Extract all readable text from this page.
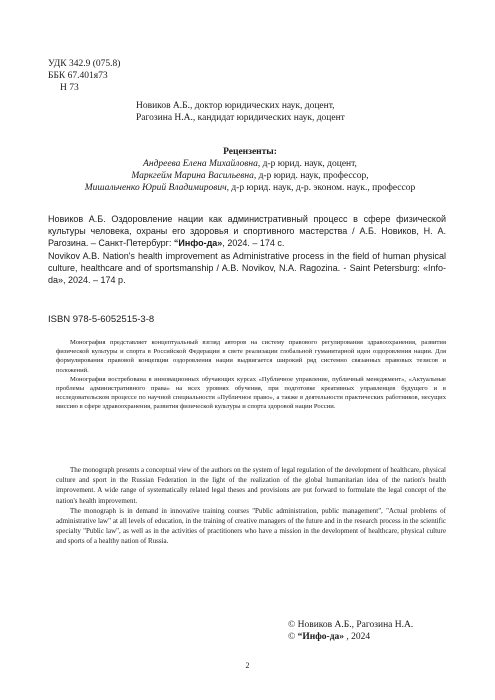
УДК 342.9 (075.8)
ББК 67.401я73
Н 73
Новиков А.Б., доктор юридических наук, доцент,
Рагозина Н.А., кандидат юридических наук, доцент
Рецензенты:
Андреева Елена Михайловна, д-р юрид. наук, доцент,
Маркгейм Марина Васильевна, д-р юрид. наук, профессор,
Мишальченко Юрий Владимирович, д-р юрид. наук, д-р. эконом. наук., профессор
Новиков А.Б. Оздоровление нации как административный процесс в сфере физической культуры человека, охраны его здоровья и спортивного мастерства / А.Б. Новиков, Н. А. Рагозина. – Санкт-Петербург: “Инфо-да», 2024. – 174 с.
Novikov A.B. Nation's health improvement as Administrative process in the field of human physical culture, healthcare and of sportsmanship / A.B. Novikov, N.A. Ragozina. - Saint Petersburg: «Info-da», 2024. – 174 p.
ISBN 978-5-6052515-3-8

Монография представляет концептуальный взгляд авторов на систему правового регулирования здравоохранения, развития физической культуры и спорта в Российской Федерации в свете реализации глобальной гуманитарной идеи оздоровления нации. Для формулирования правовой концепции оздоровления нации выдвигается широкий ряд системно связанных правовых тезисов и положений.

Монография востребована в инновационных обучающих курсах «Публичное управление, публичный менеджмент», «Актуальные проблемы административного права» на всех уровнях обучения, при подготовке креативных управленцев будущего и в исследовательском процессе по научной специальности «Публичное право», а также в деятельности практических работников, несущих миссию в сфере здравоохранения, развития физической культуры и спорта здоровой нации России.

The monograph presents a conceptual view of the authors on the system of legal regulation of the development of healthcare, physical culture and sport in the Russian Federation in the light of the realization of the global humanitarian idea of the nation's health improvement. A wide range of systematically related legal theses and provisions are put forward to formulate the legal concept of the nation's health improvement.

The monograph is in demand in innovative training courses "Public administration, public management", "Actual problems of administrative law" at all levels of education, in the training of creative managers of the future and in the research process in the scientific specialty "Public law", as well as in the activities of practitioners who have a mission in the development of healthcare, physical culture and sports of a healthy nation of Russia.

© Новиков А.Б., Рагозина Н.А.
© “Инфо-да» , 2024
2
